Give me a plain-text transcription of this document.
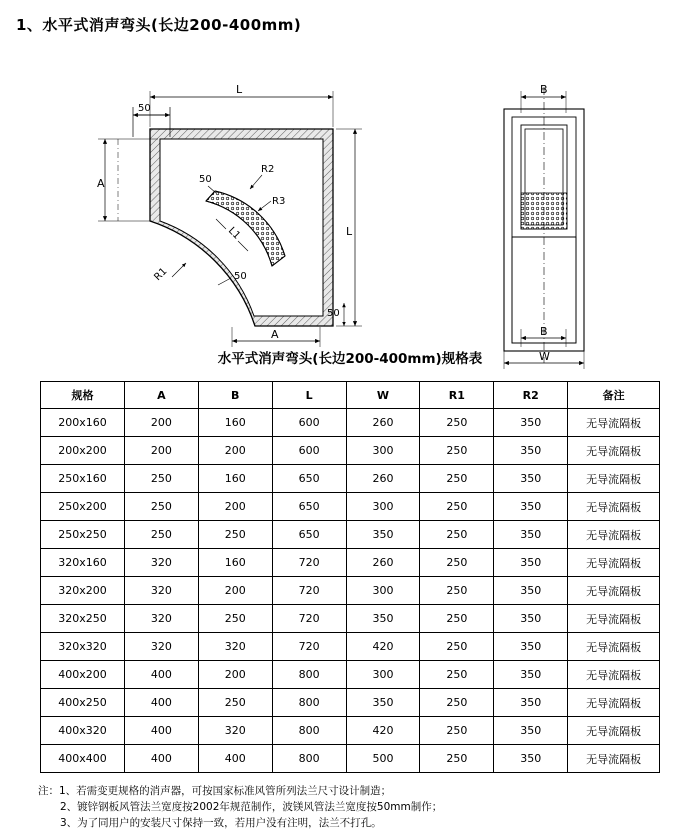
1、水平式消声弯头(长边200-400mm)
50
L
L
A
A
50
50
50
R1
R2
R3
L1
B
B
W
水平式消声弯头(长边200-400mm)规格表
规格	A	B	L	W	R1	R2	备注
200x160	200	160	600	260	250	350	无导流隔板
200x200	200	200	600	300	250	350	无导流隔板
250x160	250	160	650	260	250	350	无导流隔板
250x200	250	200	650	300	250	350	无导流隔板
250x250	250	250	650	350	250	350	无导流隔板
320x160	320	160	720	260	250	350	无导流隔板
320x200	320	200	720	300	250	350	无导流隔板
320x250	320	250	720	350	250	350	无导流隔板
320x320	320	320	720	420	250	350	无导流隔板
400x200	400	200	800	300	250	350	无导流隔板
400x250	400	250	800	350	250	350	无导流隔板
400x320	400	320	800	420	250	350	无导流隔板
400x400	400	400	800	500	250	350	无导流隔板
注：1、若需变更规格的消声器，可按国家标准风管所列法兰尺寸设计制造；
2、镀锌钢板风管法兰宽度按2002年规范制作，波镁风管法兰宽度按50mm制作；
3、为了同用户的安装尺寸保持一致，若用户没有注明，法兰不打孔。
